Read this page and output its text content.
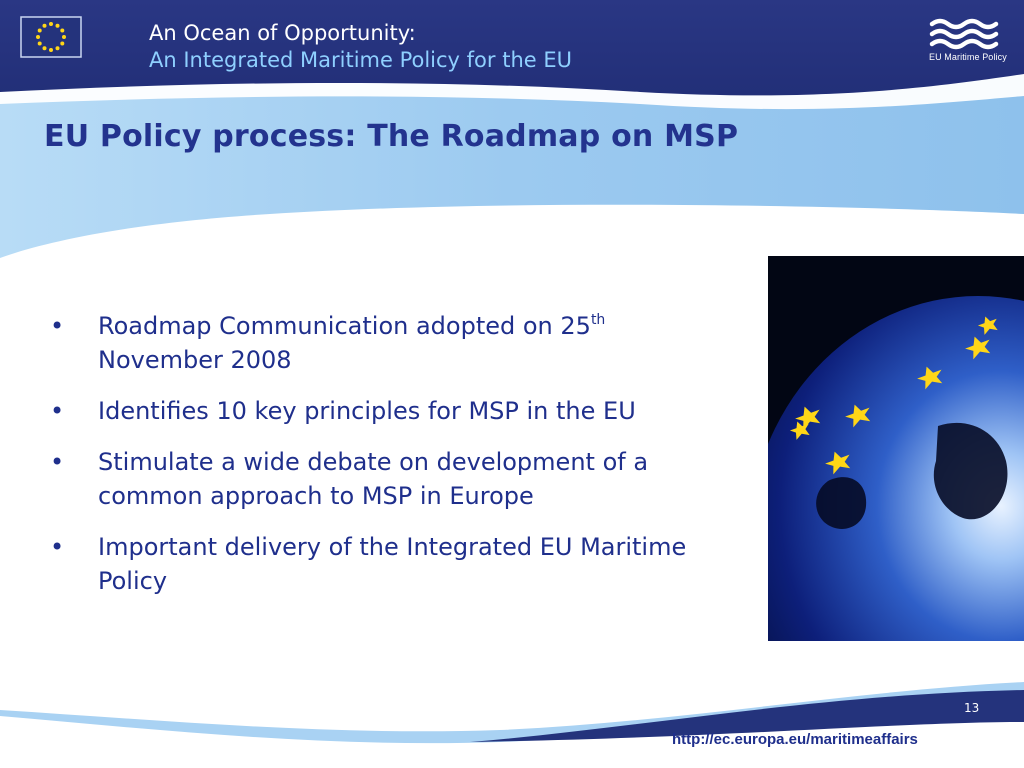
An Ocean of Opportunity:
An Integrated Maritime Policy for the EU	EU Maritime Policy
EU Policy process: The Roadmap on MSP
• Roadmap Communication adopted on 25th
November 2008
• Identifies 10 key principles for MSP in the EU
• Stimulate a wide debate on development of a common approach to MSP in Europe
• Important delivery of the Integrated EU Maritime Policy
13
http://ec.europa.eu/maritimeaffairs
